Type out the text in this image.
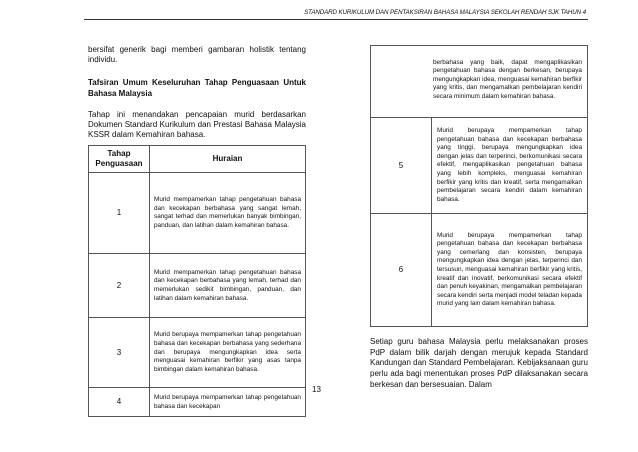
STANDARD KURIKULUM DAN PENTAKSIRAN BAHASA MALAYSIA SEKOLAH RENDAH SJK TAHUN 4

bersifat generik bagi memberi gambaran holistik tentang individu.

Tafsiran Umum Keseluruhan Tahap Penguasaan Untuk Bahasa Malaysia

Tahap ini menandakan pencapaian murid berdasarkan Dokumen Standard Kurikulum dan Prestasi Bahasa Malaysia KSSR dalam Kemahiran bahasa.

Tahap Penguasaan	Huraian
1	Murid mempamerkan tahap pengetahuan bahasa dan kecekapan berbahasa yang sangat lemah, sangat terhad dan memerlukan banyak bimbingan, panduan, dan latihan dalam kemahiran bahasa.
2	Murid mempamerkan tahap pengetahuan bahasa dan kecekapan berbahasa yang lemah, terhad dan memerlukan sedikit bimbingan, panduan, dan latihan dalam kemahiran bahasa.
3	Murid berupaya mempamerkan tahap pengetahuan bahasa dan kecekapan berbahasa yang sederhana dan berupaya mengungkapkan idea serta menguasai kemahiran berfikir yang asas tanpa bimbingan dalam kemahiran bahasa.
4	Murid berupaya mempamerkan tahap pengetahuan bahasa dan kecekapan
berbahasa yang baik, dapat mengaplikasikan pengetahuan bahasa dengan berkesan, berupaya mengungkapkan idea, menguasai kemahiran berfikir yang kritis, dan mengamalkan pembelajaran kendiri secara minimum dalam kemahiran bahasa.
5	Murid berupaya mempamerkan tahap pengetahuan bahasa dan kecekapan berbahasa yang tinggi, berupaya mengungkapkan idea dengan jelas dan terperinci, berkomunikasi secara efektif, mengaplikasikan pengetahuan bahasa yang lebih kompleks, menguasai kemahiran berfikir yang kritis dan kreatif, serta mengamalkan pembelajaran secara kendiri dalam kemahiran bahasa.
6	Murid berupaya mempamerkan tahap pengetahuan bahasa dan kecekapan berbahasa yang cemerlang dan konsisten, berupaya mengungkapkan idea dengan jelas, terperinci dan tersusun, menguasai kemahiran berfikir yang kritis, kreatif dan inovatif, berkomunikasi secara efektif dan penuh keyakinan, mengamalkan pembelajaran secara kendiri serta menjadi model teladan kepada murid yang lain dalam kemahiran bahasa.

Setiap guru bahasa Malaysia perlu melaksanakan proses PdP dalam bilik darjah dengan merujuk kepada Standard Kandungan dan Standard Pembelajaran. Kebijaksanaan guru perlu ada bagi menentukan proses PdP dilaksanakan secara berkesan dan bersesuaian. Dalam

13
